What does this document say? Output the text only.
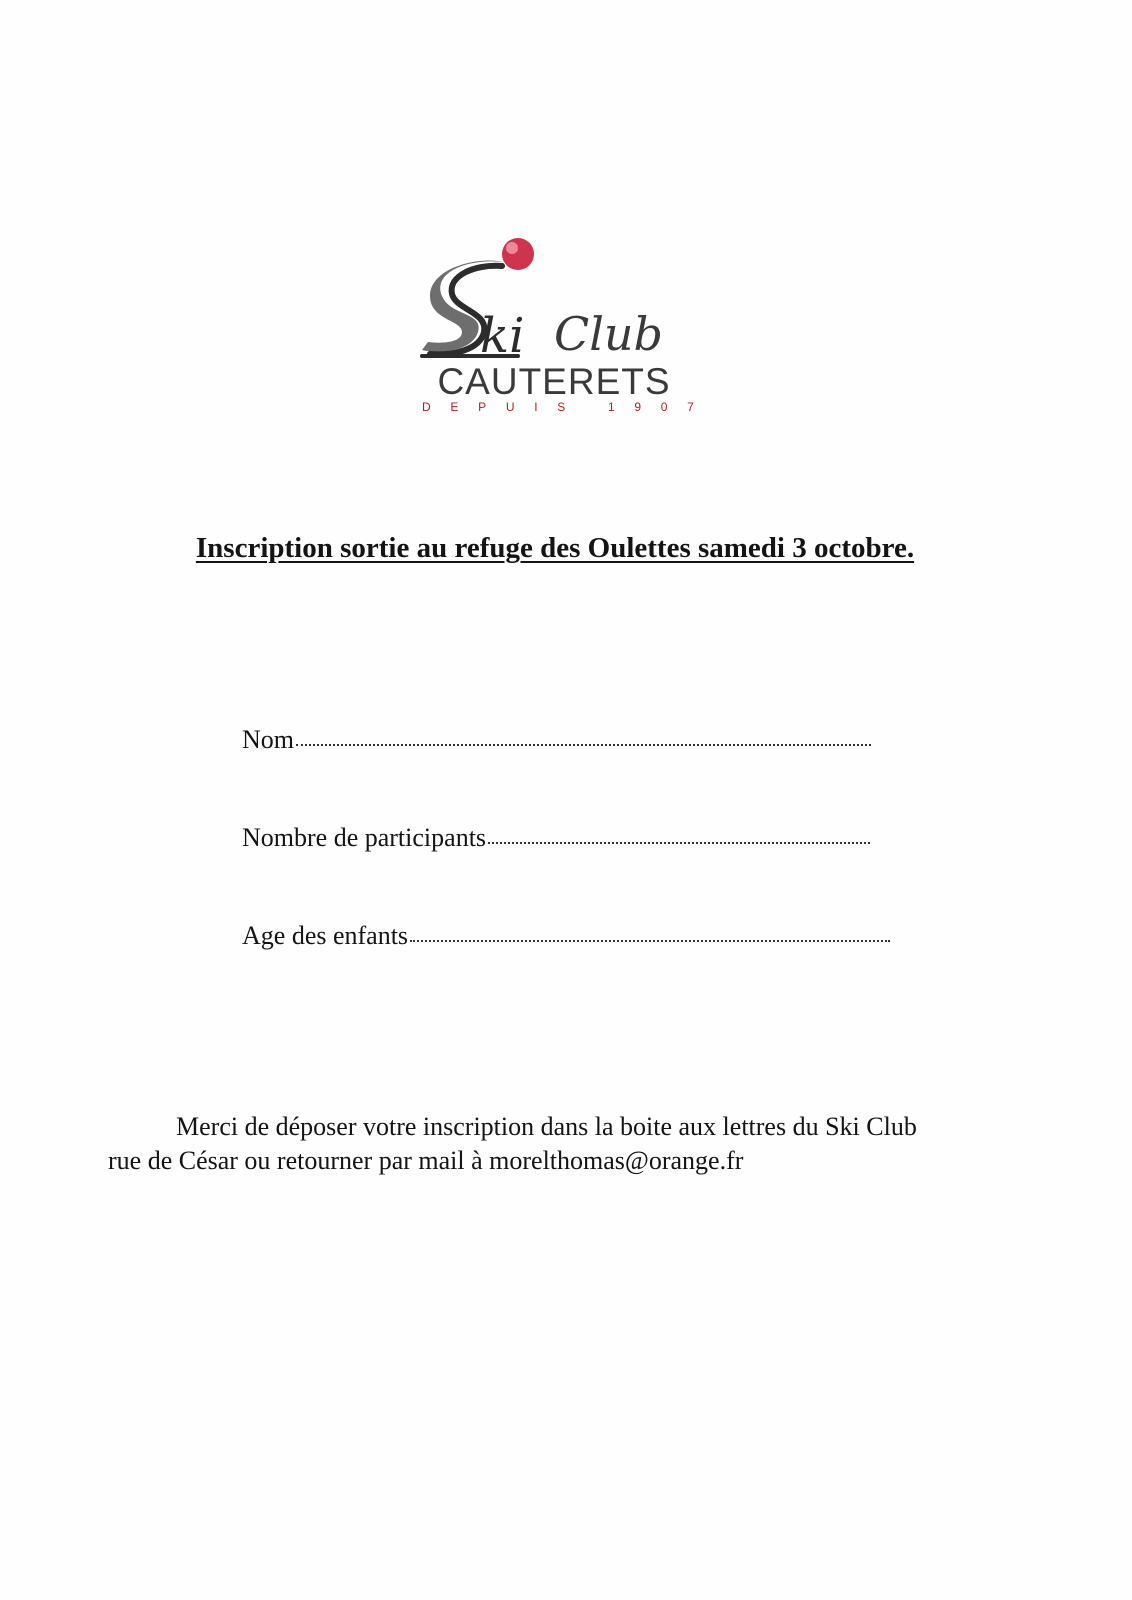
ki Club
CAUTERETS
D E P U I S
	1 9 0 7
Inscription sortie au refuge des Oulettes samedi 3 octobre.
Nom
Nombre de participants
Age des enfants
Merci de déposer votre inscription dans la boite aux lettres du Ski Club
rue de César ou retourner par mail à morelthomas@orange.fr
